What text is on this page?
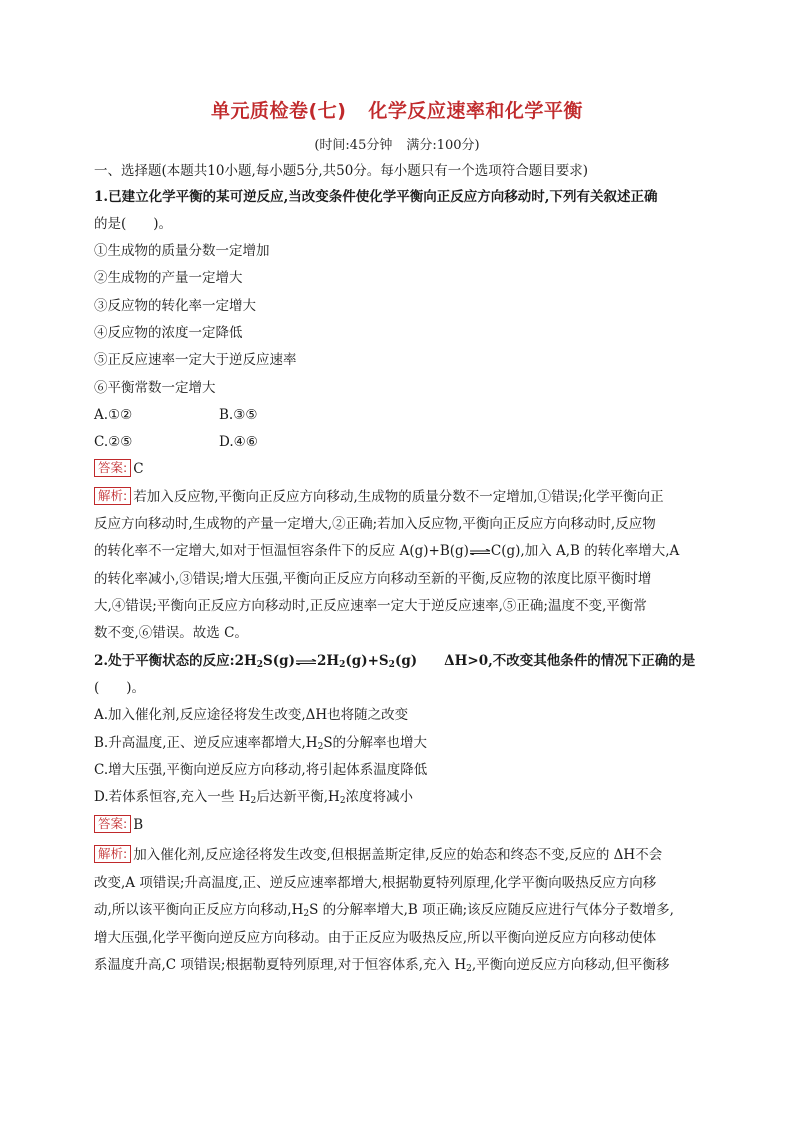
单元质检卷(七) 化学反应速率和化学平衡
(时间:45分钟 满分:100分)
一、选择题(本题共10小题,每小题5分,共50分。每小题只有一个选项符合题目要求)
1.已建立化学平衡的某可逆反应,当改变条件使化学平衡向正反应方向移动时,下列有关叙述正确
的是(　　)。
①生成物的质量分数一定增加
②生成物的产量一定增大
③反应物的转化率一定增大
④反应物的浓度一定降低
⑤正反应速率一定大于逆反应速率
⑥平衡常数一定增大
A.①②	B.③⑤
C.②⑤	D.④⑥
答案: C
解析: 若加入反应物,平衡向正反应方向移动,生成物的质量分数不一定增加,①错误;化学平衡向正
反应方向移动时,生成物的产量一定增大,②正确;若加入反应物,平衡向正反应方向移动时,反应物
的转化率不一定增大,如对于恒温恒容条件下的反应 A(g)+B(g)⇌C(g),加入 A,B 的转化率增大,A
的转化率减小,③错误;增大压强,平衡向正反应方向移动至新的平衡,反应物的浓度比原平衡时增
大,④错误;平衡向正反应方向移动时,正反应速率一定大于逆反应速率,⑤正确;温度不变,平衡常
数不变,⑥错误。故选 C。
2.处于平衡状态的反应$:2H_2S(g)\rightleftharpoons 2H_2(g)+S_2(g)$　　ΔH>0,不改变其他条件的情况下正确的是
(　　)。
A.加入催化剂,反应途径将发生改变,ΔH也将随之改变
B.升高温度,正、逆反应速率都增大$,H_2S$的分解率也增大
C.增大压强,平衡向逆反应方向移动,将引起体系温度降低
D.若体系恒容,充入一些 $H_2$后达新平衡$,H_2$浓度将减小
答案: B
解析: 加入催化剂,反应途径将发生改变,但根据盖斯定律,反应的始态和终态不变,反应的 ΔH不会
改变,A 项错误;升高温度,正、逆反应速率都增大,根据勒夏特列原理,化学平衡向吸热反应方向移
动,所以该平衡向正反应方向移动$,H_2S$ 的分解率增大,B 项正确;该反应随反应进行气体分子数增多,
增大压强,化学平衡向逆反应方向移动。由于正反应为吸热反应,所以平衡向逆反应方向移动使体
系温度升高,C 项错误;根据勒夏特列原理,对于恒容体系,充入 $H_2$,平衡向逆反应方向移动,但平衡移
